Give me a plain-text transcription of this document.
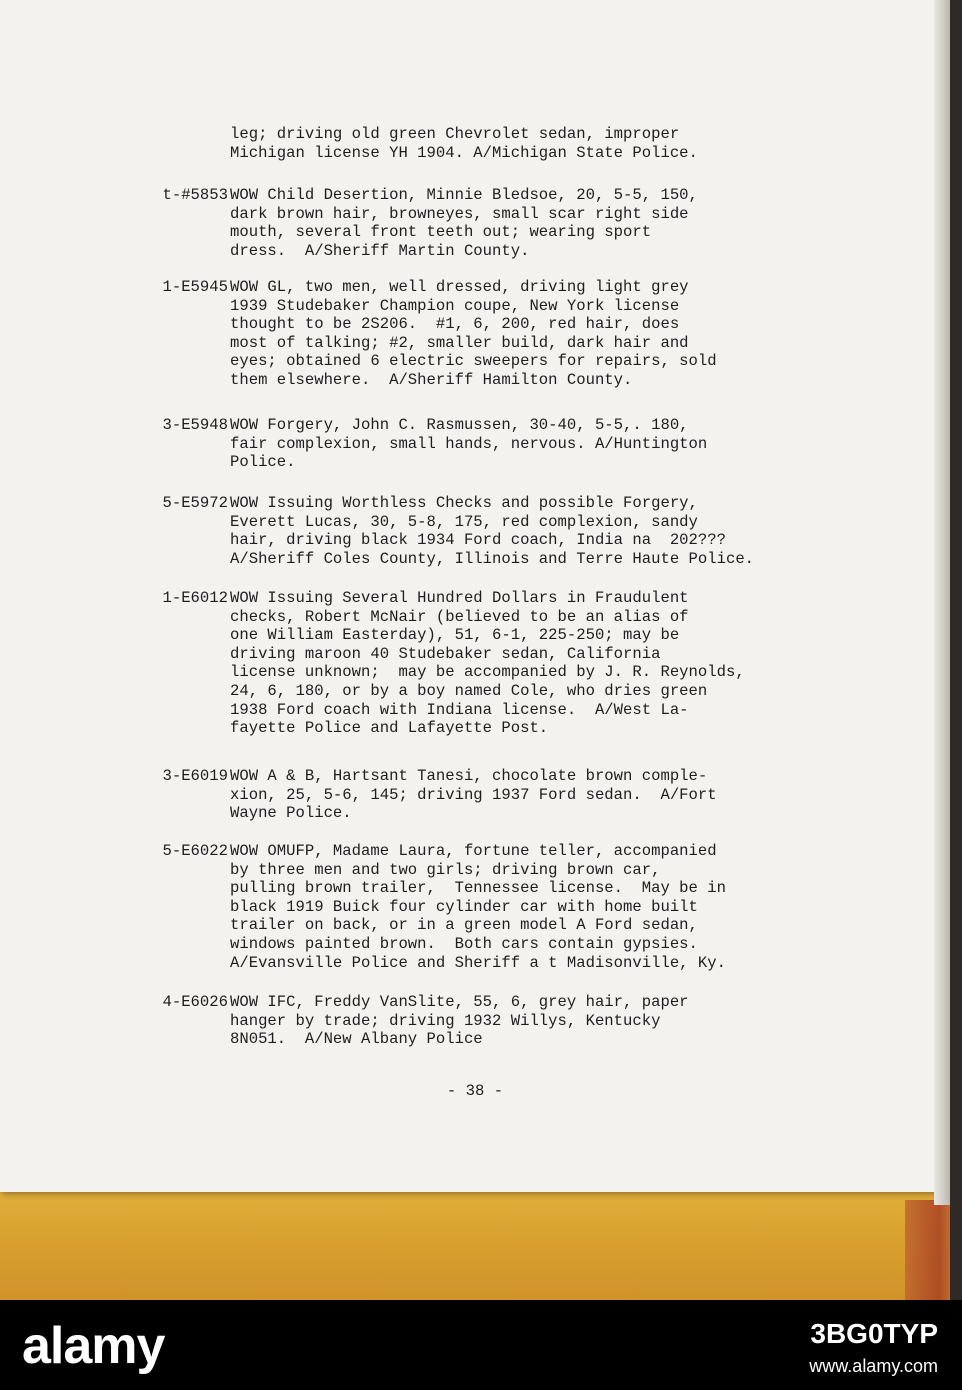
leg; driving old green Chevrolet sedan, improper
Michigan license YH 1904. A/Michigan State Police.
t-#5853 WOW Child Desertion, Minnie Bledsoe, 20, 5-5, 150,
dark brown hair, browneyes, small scar right side
mouth, several front teeth out; wearing sport
dress.  A/Sheriff Martin County.
1-E5945 WOW GL, two men, well dressed, driving light grey
1939 Studebaker Champion coupe, New York license
thought to be 2S206.  #1, 6, 200, red hair, does
most of talking; #2, smaller build, dark hair and
eyes; obtained 6 electric sweepers for repairs, sold
them elsewhere.  A/Sheriff Hamilton County.
3-E5948 WOW Forgery, John C. Rasmussen, 30-40, 5-5,. 180,
fair complexion, small hands, nervous. A/Huntington
Police.
5-E5972 WOW Issuing Worthless Checks and possible Forgery,
Everett Lucas, 30, 5-8, 175, red complexion, sandy
hair, driving black 1934 Ford coach, India na  202???
A/Sheriff Coles County, Illinois and Terre Haute Police.
1-E6012 WOW Issuing Several Hundred Dollars in Fraudulent
checks, Robert McNair (believed to be an alias of
one William Easterday), 51, 6-1, 225-250; may be
driving maroon 40 Studebaker sedan, California
license unknown;  may be accompanied by J. R. Reynolds,
24, 6, 180, or by a boy named Cole, who dries green
1938 Ford coach with Indiana license.  A/West La-
fayette Police and Lafayette Post.
3-E6019 WOW A & B, Hartsant Tanesi, chocolate brown comple-
xion, 25, 5-6, 145; driving 1937 Ford sedan.  A/Fort
Wayne Police.
5-E6022 WOW OMUFP, Madame Laura, fortune teller, accompanied
by three men and two girls; driving brown car,
pulling brown trailer,  Tennessee license.  May be in
black 1919 Buick four cylinder car with home built
trailer on back, or in a green model A Ford sedan,
windows painted brown.  Both cars contain gypsies.
A/Evansville Police and Sheriff a t Madisonville, Ky.
4-E6026 WOW IFC, Freddy VanSlite, 55, 6, grey hair, paper
hanger by trade; driving 1932 Willys, Kentucky
8N051.  A/New Albany Police
- 38 -
alamy	3BG0TYP
www.alamy.com
